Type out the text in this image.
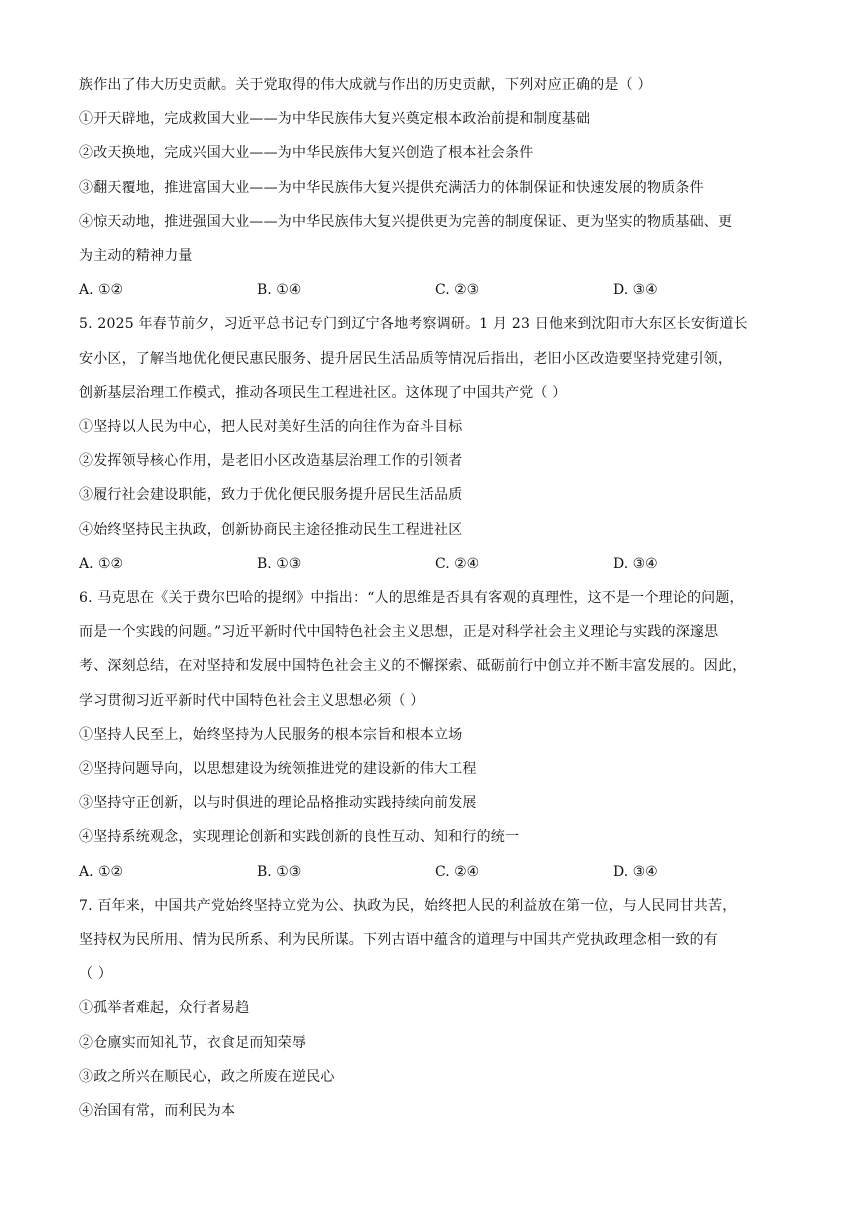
族作出了伟大历史贡献。关于党取得的伟大成就与作出的历史贡献，下列对应正确的是（ ）
①开天辟地，完成救国大业——为中华民族伟大复兴奠定根本政治前提和制度基础
②改天换地，完成兴国大业——为中华民族伟大复兴创造了根本社会条件
③翻天覆地，推进富国大业——为中华民族伟大复兴提供充满活力的体制保证和快速发展的物质条件
④惊天动地，推进强国大业——为中华民族伟大复兴提供更为完善的制度保证、更为坚实的物质基础、更
为主动的精神力量
A. ①②	B. ①④	C. ②③	D. ③④
5. 2025 年春节前夕，习近平总书记专门到辽宁各地考察调研。1 月 23 日他来到沈阳市大东区长安街道长
安小区，了解当地优化便民惠民服务、提升居民生活品质等情况后指出，老旧小区改造要坚持党建引领，
创新基层治理工作模式，推动各项民生工程进社区。这体现了中国共产党（ ）
①坚持以人民为中心，把人民对美好生活的向往作为奋斗目标
②发挥领导核心作用，是老旧小区改造基层治理工作的引领者
③履行社会建设职能，致力于优化便民服务提升居民生活品质
④始终坚持民主执政，创新协商民主途径推动民生工程进社区
A. ①②	B. ①③	C. ②④	D. ③④
6. 马克思在《关于费尔巴哈的提纲》中指出：“人的思维是否具有客观的真理性，这不是一个理论的问题，
而是一个实践的问题。”习近平新时代中国特色社会主义思想，正是对科学社会主义理论与实践的深邃思
考、深刻总结，在对坚持和发展中国特色社会主义的不懈探索、砥砺前行中创立并不断丰富发展的。因此，
学习贯彻习近平新时代中国特色社会主义思想必须（ ）
①坚持人民至上，始终坚持为人民服务的根本宗旨和根本立场
②坚持问题导向，以思想建设为统领推进党的建设新的伟大工程
③坚持守正创新，以与时俱进的理论品格推动实践持续向前发展
④坚持系统观念，实现理论创新和实践创新的良性互动、知和行的统一
A. ①②	B. ①③	C. ②④	D. ③④
7. 百年来，中国共产党始终坚持立党为公、执政为民，始终把人民的利益放在第一位，与人民同甘共苦，
坚持权为民所用、情为民所系、利为民所谋。下列古语中蕴含的道理与中国共产党执政理念相一致的有
（ ）
①孤举者难起，众行者易趋
②仓廪实而知礼节，衣食足而知荣辱
③政之所兴在顺民心，政之所废在逆民心
④治国有常，而利民为本
